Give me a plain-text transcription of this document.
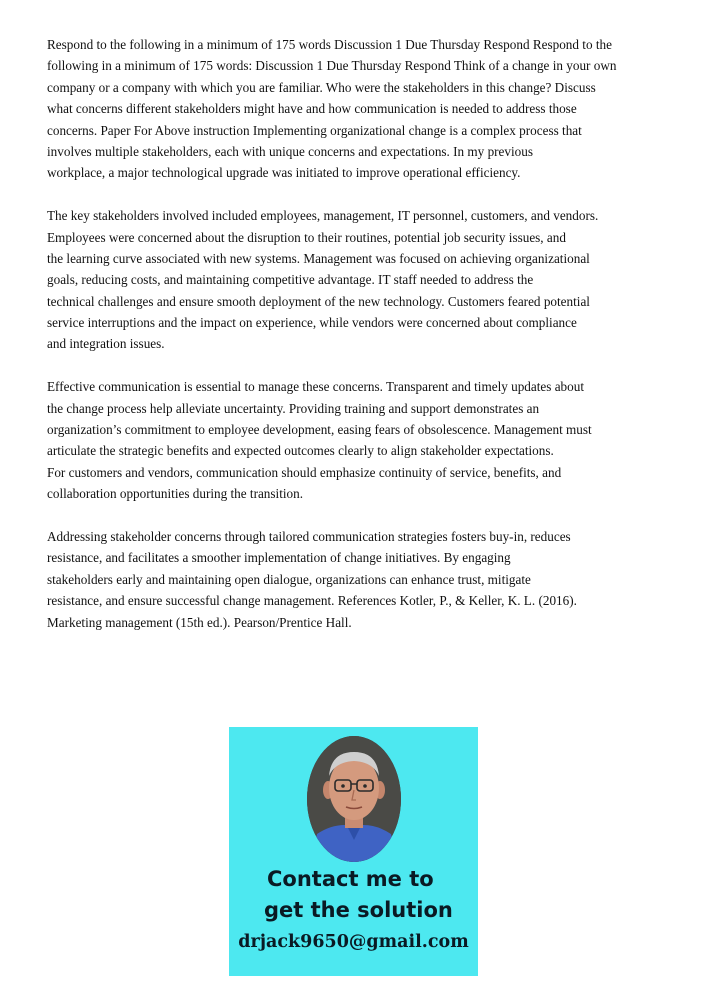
Respond to the following in a minimum of 175 words Discussion 1 Due Thursday Respond Respond to the
following in a minimum of 175 words: Discussion 1 Due Thursday Respond Think of a change in your own
company or a company with which you are familiar. Who were the stakeholders in this change? Discuss
what concerns different stakeholders might have and how communication is needed to address those
concerns. Paper For Above instruction Implementing organizational change is a complex process that
involves multiple stakeholders, each with unique concerns and expectations. In my previous
workplace, a major technological upgrade was initiated to improve operational efficiency.
The key stakeholders involved included employees, management, IT personnel, customers, and vendors.
Employees were concerned about the disruption to their routines, potential job security issues, and
the learning curve associated with new systems. Management was focused on achieving organizational
goals, reducing costs, and maintaining competitive advantage. IT staff needed to address the
technical challenges and ensure smooth deployment of the new technology. Customers feared potential
service interruptions and the impact on experience, while vendors were concerned about compliance
and integration issues.
Effective communication is essential to manage these concerns. Transparent and timely updates about
the change process help alleviate uncertainty. Providing training and support demonstrates an
organization’s commitment to employee development, easing fears of obsolescence. Management must
articulate the strategic benefits and expected outcomes clearly to align stakeholder expectations.
For customers and vendors, communication should emphasize continuity of service, benefits, and
collaboration opportunities during the transition.
Addressing stakeholder concerns through tailored communication strategies fosters buy-in, reduces
resistance, and facilitates a smoother implementation of change initiatives. By engaging
stakeholders early and maintaining open dialogue, organizations can enhance trust, mitigate
resistance, and ensure successful change management. References Kotler, P., & Keller, K. L. (2016).
Marketing management (15th ed.). Pearson/Prentice Hall.
Contact me to
get the solution
drjack9650@gmail.com
